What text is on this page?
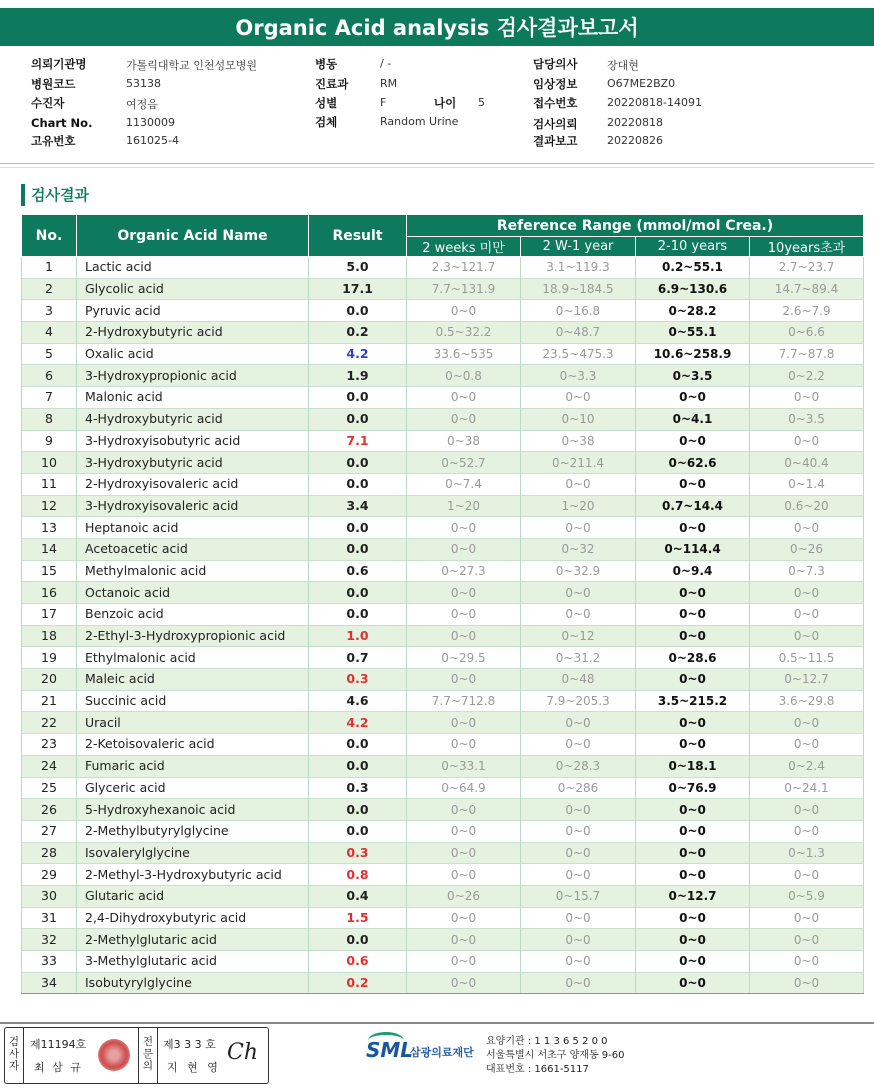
Organic Acid analysis 검사결과보고서
의뢰기관명	가톨릭대학교 인천성모병원
병원코드	53138
수진자	여정음
Chart No.	1130009
고유번호	161025-4
병동	/ -
진료과	RM
성별	F	나이 5
검체	Random Urine
담당의사	장대현
임상정보	O67ME2BZ0
접수번호	20220818-14091
검사의뢰	20220818
결과보고	20220826
검사결과
No.	Organic Acid Name	Result	Reference Range (mmol/mol Crea.)			
			2 weeks 미만	2 W-1 year	2-10 years	10years초과
1	Lactic acid	5.0	2.3~121.7	3.1~119.3	0.2~55.1	2.7~23.7
2	Glycolic acid	17.1	7.7~131.9	18.9~184.5	6.9~130.6	14.7~89.4
3	Pyruvic acid	0.0	0~0	0~16.8	0~28.2	2.6~7.9
4	2-Hydroxybutyric acid	0.2	0.5~32.2	0~48.7	0~55.1	0~6.6
5	Oxalic acid	4.2	33.6~535	23.5~475.3	10.6~258.9	7.7~87.8
6	3-Hydroxypropionic acid	1.9	0~0.8	0~3.3	0~3.5	0~2.2
7	Malonic acid	0.0	0~0	0~0	0~0	0~0
8	4-Hydroxybutyric acid	0.0	0~0	0~10	0~4.1	0~3.5
9	3-Hydroxyisobutyric acid	7.1	0~38	0~38	0~0	0~0
10	3-Hydroxybutyric acid	0.0	0~52.7	0~211.4	0~62.6	0~40.4
11	2-Hydroxyisovaleric acid	0.0	0~7.4	0~0	0~0	0~1.4
12	3-Hydroxyisovaleric acid	3.4	1~20	1~20	0.7~14.4	0.6~20
13	Heptanoic acid	0.0	0~0	0~0	0~0	0~0
14	Acetoacetic acid	0.0	0~0	0~32	0~114.4	0~26
15	Methylmalonic acid	0.6	0~27.3	0~32.9	0~9.4	0~7.3
16	Octanoic acid	0.0	0~0	0~0	0~0	0~0
17	Benzoic acid	0.0	0~0	0~0	0~0	0~0
18	2-Ethyl-3-Hydroxypropionic acid	1.0	0~0	0~12	0~0	0~0
19	Ethylmalonic acid	0.7	0~29.5	0~31.2	0~28.6	0.5~11.5
20	Maleic acid	0.3	0~0	0~48	0~0	0~12.7
21	Succinic acid	4.6	7.7~712.8	7.9~205.3	3.5~215.2	3.6~29.8
22	Uracil	4.2	0~0	0~0	0~0	0~0
23	2-Ketoisovaleric acid	0.0	0~0	0~0	0~0	0~0
24	Fumaric acid	0.0	0~33.1	0~28.3	0~18.1	0~2.4
25	Glyceric acid	0.3	0~64.9	0~286	0~76.9	0~24.1
26	5-Hydroxyhexanoic acid	0.0	0~0	0~0	0~0	0~0
27	2-Methylbutyrylglycine	0.0	0~0	0~0	0~0	0~0
28	Isovalerylglycine	0.3	0~0	0~0	0~0	0~1.3
29	2-Methyl-3-Hydroxybutyric acid	0.8	0~0	0~0	0~0	0~0
30	Glutaric acid	0.4	0~26	0~15.7	0~12.7	0~5.9
31	2,4-Dihydroxybutyric acid	1.5	0~0	0~0	0~0	0~0
32	2-Methylglutaric acid	0.0	0~0	0~0	0~0	0~0
33	3-Methylglutaric acid	0.6	0~0	0~0	0~0	0~0
34	Isobutyrylglycine	0.2	0~0	0~0	0~0	0~0
검사자
제11194호
최 삼 규
전문의
제3 3 3 호
지 현 영
Ch	SML
삼광의료재단
요양기관 : 1 1 3 6 5 2 0 0
서울특별시 서초구 양재동 9-60
대표번호 : 1661-5117
